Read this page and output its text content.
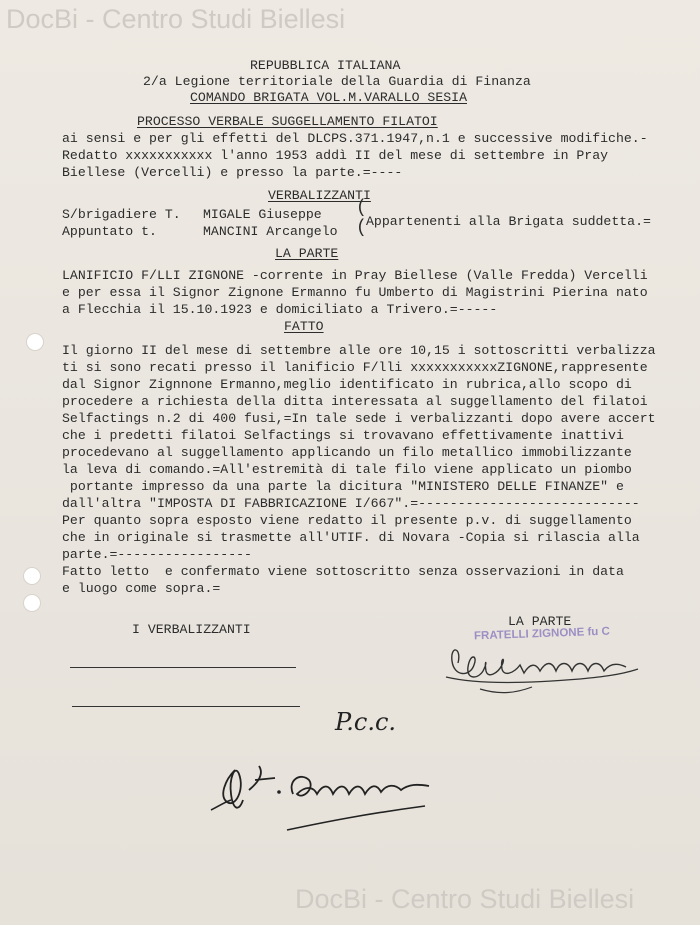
DocBi - Centro Studi Biellesi
REPUBBLICA ITALIANA
2/a Legione territoriale della Guardia di Finanza
COMANDO BRIGATA VOL.M.VARALLO SESIA
PROCESSO VERBALE SUGGELLAMENTO FILATOI
ai sensi e per gli effetti del DLCPS.371.1947,n.1 e successive modifiche.-
Redatto xxxxxxxxxxx l'anno 1953 addì II del mese di settembre in Pray
Biellese (Vercelli) e presso la parte.=----
VERBALIZZANTI
S/brigadiere T. MIGALE Giuseppe
Appuntato t.	MANCINI Arcangelo
(
( Appartenenti alla Brigata suddetta.=
LA PARTE
LANIFICIO F/LLI ZIGNONE -corrente in Pray Biellese (Valle Fredda) Vercelli
e per essa il Signor Zignone Ermanno fu Umberto di Magistrini Pierina nato
a Flecchia il 15.10.1923 e domiciliato a Trivero.=-----
FATTO
Il giorno II del mese di settembre alle ore 10,15 i sottoscritti verbalizza
ti si sono recati presso il lanificio F/lli xxxxxxxxxxxZIGNONE,rappresente
dal Signor Zignnone Ermanno,meglio identificato in rubrica,allo scopo di
procedere a richiesta della ditta interessata al suggellamento del filatoi
Selfactings n.2 di 400 fusi,=In tale sede i verbalizzanti dopo avere accert
che i predetti filatoi Selfactings si trovavano effettivamente inattivi
procedevano al suggellamento applicando un filo metallico immobilizzante
la leva di comando.=All'estremità di tale filo viene applicato un piombo
portante impresso da una parte la dicitura "MINISTERO DELLE FINANZE" e
dall'altra "IMPOSTA DI FABBRICAZIONE I/667".=----------------------------
Per quanto sopra esposto viene redatto il presente p.v. di suggellamento
che in originale si trasmette all'UTIF. di Novara -Copia si rilascia alla
parte.=-----------------
Fatto letto  e confermato viene sottoscritto senza osservazioni in data
e luogo come sopra.=
I VERBALIZZANTI
LA PARTE
FRATELLI ZIGNONE fu C
P.c.c.
DocBi - Centro Studi Biellesi
